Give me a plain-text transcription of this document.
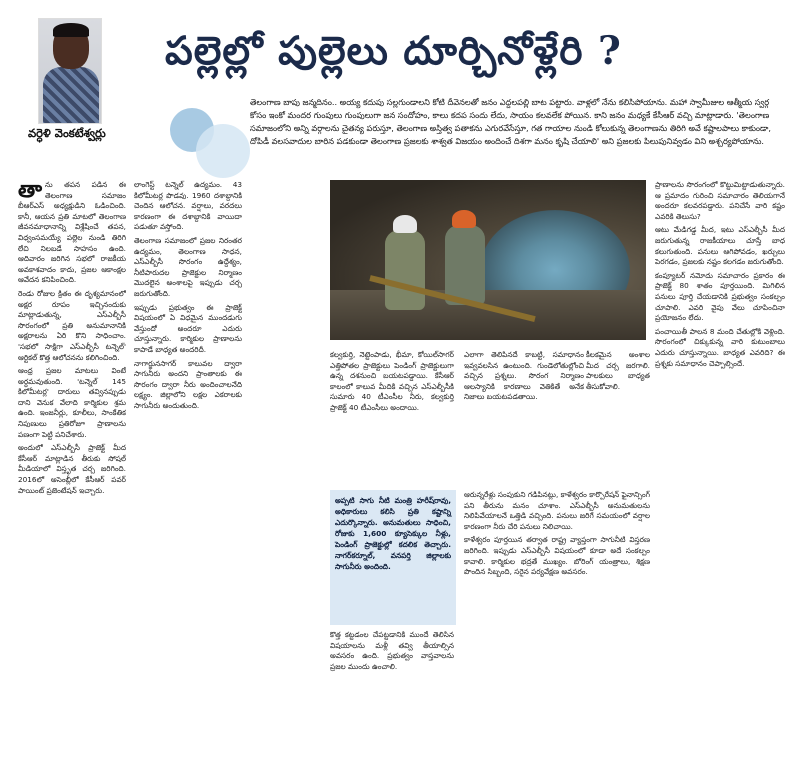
వర్ధెళి వెంకటేశ్వర్లు
పల్లెల్లో పుల్లెలు దూర్చినోళ్లేరి ?
తెలంగాణ బాపు జన్మదినం.. అయ్య కదుపు సల్లగుండాలని కోటి దీవెనలతో జనం ఎద్దలపల్లి బాట పట్టారు. వాళ్లలో నేను కలిసిపోయాను. మహా స్వామీజుల ఆత్మీయ స్వర్గ కోసం ఇంకో మందర గుంపులు గుంపులుగా జన సందోహం, కాలు కదప సందు లేదు, సాయం కలవలేక పోయిన. కాని జనం మధ్యకే కేసీఆర్ వచ్చి మాట్లాడారు. 'తెలంగాణ సమాజంలోని అన్ని వర్గాలను చైతన్య పరుస్తూ, తెలంగాణ అస్తిత్వ పతాకను ఎగురవేసేస్తూ, గత గాయాల నుండి కోలుకున్న తెలంగాణను తిరిగి అవే కష్టాలపాలు కాకుండా, దోపిడీ వలసవాదుల బారిన పడకుండా తెలంగాణ ప్రజలకు శాశ్వత విజయం అందించే దిశగా మనం కృషి చేయాలి' అని ప్రజలకు పిలుపునివ్వడం విని అశ్చర్యపోయాను.

తాను తపన పడిన ఈ తెలంగాణ సమాజం బీఆర్ఎస్ అధ్యక్షుడిని ఓడించింది. కానీ, ఆయన ప్రతి మాటలో తెలంగాణ జీవనమాధానాన్ని విశ్లేషించే తపన, విధ్వంసమయ్యే పల్లెల నుండి తిరిగి లేచి నిలబడే సాహసం ఉంది. ఆదివారం జరిగిన సభలో రాజకీయ అవకాశవాదం కాదు, ప్రజల ఆకాంక్షల ఆవేదన కనిపించింది.

రెండు రోజుల క్రితం ఈ దృశ్యమానంలో అక్షర రూపం ఇచ్చినందుకు మాట్లాడుతున్న, ఎస్ఎల్బీసీ సొరంగంలో ప్రతి అనుమానానికి అక్షరాలను ఏరి కొని సాధించాం. 'సభలో సాక్షిగా ఎస్ఎల్బీసీ టన్నెల్' ఆర్టికల్ కొత్త ఆలోచనను కలిగించింది.

ఆంధ్ర ప్రజల మాటలు వింటే అర్థమవుతుంది. 'టన్నెల్ 145 కిలోమీటర్ల' దారులు తవ్వినప్పుడు దాని వెనుక వేలాది కార్మికుల శ్రమ ఉంది. ఇంజనీర్లు, కూలీలు, సాంకేతిక నిపుణులు ప్రతిరోజూ ప్రాణాలను పణంగా పెట్టి పనిచేశారు.

అందులో ఎస్ఎల్బీసీ ప్రాజెక్ట్ మీద కేసీఆర్ మాట్లాడిన తీరుకు సోషల్ మీడియాలో విస్తృత చర్చ జరిగింది. 2016లో అసెంబ్లీలో కేసీఆర్ పవర్ పాయింట్ ప్రజెంటేషన్ ఇచ్చారు.

లాంగెస్ట్ టన్నెల్ ఉద్యమం. 43 కిలోమీటర్ల పొడవు. 1960 దశాబ్దానికి చెందిన ఆలోచన. వర్షాలు, వరదలు కారణంగా ఈ దశాబ్దానికి వాయిదా పడుతూ వస్తోంది.

తెలంగాణ సమాజంలో ప్రజల నిరంతర ఉద్యమం, తెలంగాణ సాధన, ఎస్ఎల్బీసీ సొరంగం ఉద్దేశ్యం, నీటిపారుదల ప్రాజెక్టుల నిర్మాణం మొదలైన అంశాలపై ఇప్పుడు చర్చ జరుగుతోంది.

ఇప్పుడు ప్రభుత్వం ఈ ప్రాజెక్ట్ విషయంలో ఏ విధమైన ముందడుగు వేస్తుందో అందరూ ఎదురు చూస్తున్నారు. కార్మికుల ప్రాణాలను కాపాడే బాధ్యత అందరిదీ.

నాగార్జునసాగర్ కాలువల ద్వారా సాగునీరు అందని ప్రాంతాలకు ఈ సొరంగం ద్వారా నీరు అందించాలనేది లక్ష్యం. జిల్లాలోని లక్షల ఎకరాలకు సాగునీరు అందుతుంది.

కల్వకుర్తి, నెట్టెంపాడు, భీమా, కోయిల్‌సాగర్ ఎత్తిపోతల ప్రాజెక్టులు పెండింగ్ ప్రాజెక్టులుగా ఉన్న దశనుంచి బయటపడ్డాయి. కేసీఆర్ కాలంలో కాలువ మీదికి వచ్చిన ఎస్ఎల్బీసీకి సుమారు 40 టీఎంసీల నీరు, కల్వకుర్తి ప్రాజెక్ట్ 40 టీఎంసీలు అందాయి.

ఎలాగా తెలిపినదే కాబట్టి, సమాధానం ఇవ్వవలసిన ఉంటుంది. గుండెలోతుల్లోంచి వచ్చిన ప్రశ్నలు. సొరంగ నిర్మాణం ఆలస్యానికి కారణాలు వెతికితే అనేక నిజాలు బయటపడతాయి.

కీలకమైన అంశాల మీద చర్చ జరగాలి. పాలకులు బాధ్యత తీసుకోవాలి.

అప్పటి సాగు నీటి మంత్రి హరీష్‌రావు, అధికారులు కలిసి ప్రతి కష్టాన్ని ఎదుర్కొన్నారు. అనుమతులు సాధించి, రోజుకు 1,600 క్యూసెక్కుల నీళ్లు, పెండింగ్ ప్రాజెక్టుల్లో కదలిక తెచ్చారు. నాగర్‌కర్నూల్, వనపర్తి జిల్లాలకు సాగునీరు అందింది.

కొత్త కట్టడంల చేపట్టడానికి ముందే తెలిసిన విషయాలను మళ్లీ తవ్వి తీయాల్సిన అవసరం ఉంది. ప్రభుత్వం వాస్తవాలను ప్రజల ముందు ఉంచాలి.

ఆరున్నరేళ్లు సంపుకుని గడిపినట్లు, కాళేశ్వరం కార్పొరేషన్ ఫైనాన్సింగ్ పని తీరును మనం చూశాం. ఎస్ఎల్బీసీ అనుమతులను నిలిపివేయాలనే ఒత్తిడి వచ్చింది. పనులు జరిగే సమయంలో వర్షాల కారణంగా నీరు చేరి పనులు నిలిచాయి.

కాళేశ్వరం పూర్తయిన తర్వాత రాష్ట్ర వ్యాప్తంగా సాగునీటి విస్తరణ జరిగింది. ఇప్పుడు ఎస్ఎల్బీసీ విషయంలో కూడా అదే సంకల్పం కావాలి. కార్మికుల భద్రతే ముఖ్యం. బోరింగ్ యంత్రాలు, శిక్షణ పొందిన సిబ్బంది, సరైన పర్యవేక్షణ అవసరం.

ప్రాణాలను సొరంగంలో కొట్టుమిట్టాడుతున్నారు. ఆ ప్రమాదం గురించి సమాచారం తెలియగానే అందరూ కలవరపడ్డారు. పనిచేసే వారి కష్టం ఎవరికి తెలుసు?

ఆటు మేడిగడ్డ మీద, ఇటు ఎస్ఎల్బీసీ మీద జరుగుతున్న రాజకీయాలు చూస్తే బాధ కలుగుతుంది. పనులు ఆగిపోవడం, ఖర్చులు పెరగడం, ప్రజలకు నష్టం కలగడం జరుగుతోంది.

కంప్యూటర్ నమోదు సమాచారం ప్రకారం ఈ ప్రాజెక్ట్ 80 శాతం పూర్తయింది. మిగిలిన పనులు పూర్తి చేయడానికి ప్రభుత్వం సంకల్పం చూపాలి. ఎవరి వైపు వేలు చూపించినా ప్రయోజనం లేదు.

పంచాయితీ పాలన 8 మంది చేతుల్లోకి వెళ్లింది. సొరంగంలో చిక్కుకున్న వారి కుటుంబాలు ఎదురు చూస్తున్నాయి. బాధ్యత ఎవరిది? ఈ ప్రశ్నకు సమాధానం చెప్పాల్సిందే.
